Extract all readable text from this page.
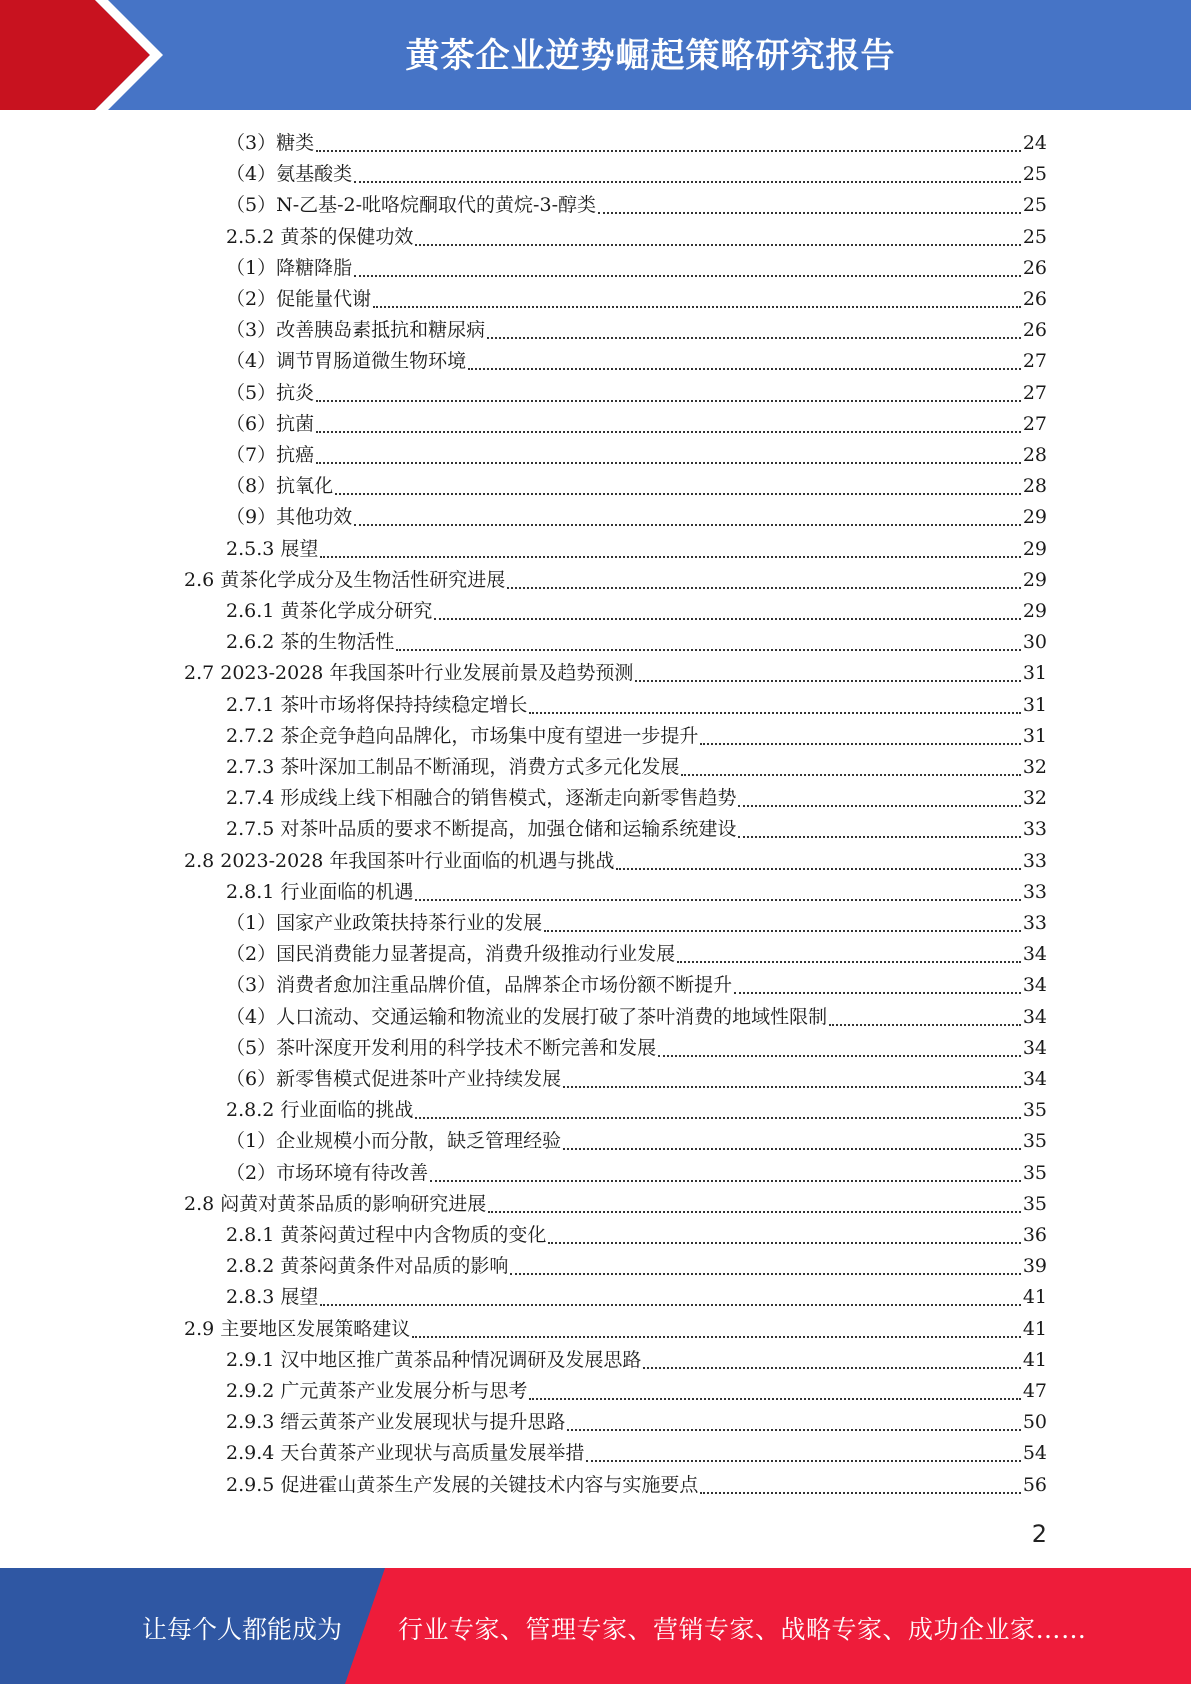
黄茶企业逆势崛起策略研究报告
（3）糖类	24
（4）氨基酸类	25
（5）N-乙基-2-吡咯烷酮取代的黄烷-3-醇类	25
2.5.2 黄茶的保健功效	25
（1）降糖降脂	26
（2）促能量代谢	26
（3）改善胰岛素抵抗和糖尿病	26
（4）调节胃肠道微生物环境	27
（5）抗炎	27
（6）抗菌	27
（7）抗癌	28
（8）抗氧化	28
（9）其他功效	29
2.5.3 展望	29
2.6 黄茶化学成分及生物活性研究进展	29
2.6.1 黄茶化学成分研究	29
2.6.2 茶的生物活性	30
2.7 2023-2028 年我国茶叶行业发展前景及趋势预测	31
2.7.1 茶叶市场将保持持续稳定增长	31
2.7.2 茶企竞争趋向品牌化，市场集中度有望进一步提升	31
2.7.3 茶叶深加工制品不断涌现，消费方式多元化发展	32
2.7.4 形成线上线下相融合的销售模式，逐渐走向新零售趋势	32
2.7.5 对茶叶品质的要求不断提高，加强仓储和运输系统建设	33
2.8 2023-2028 年我国茶叶行业面临的机遇与挑战	33
2.8.1 行业面临的机遇	33
（1）国家产业政策扶持茶行业的发展	33
（2）国民消费能力显著提高，消费升级推动行业发展	34
（3）消费者愈加注重品牌价值，品牌茶企市场份额不断提升	34
（4）人口流动、交通运输和物流业的发展打破了茶叶消费的地域性限制	34
（5）茶叶深度开发利用的科学技术不断完善和发展	34
（6）新零售模式促进茶叶产业持续发展	34
2.8.2 行业面临的挑战	35
（1）企业规模小而分散，缺乏管理经验	35
（2）市场环境有待改善	35
2.8 闷黄对黄茶品质的影响研究进展	35
2.8.1 黄茶闷黄过程中内含物质的变化	36
2.8.2 黄茶闷黄条件对品质的影响	39
2.8.3 展望	41
2.9 主要地区发展策略建议	41
2.9.1 汉中地区推广黄茶品种情况调研及发展思路	41
2.9.2 广元黄茶产业发展分析与思考	47
2.9.3 缙云黄茶产业发展现状与提升思路	50
2.9.4 天台黄茶产业现状与高质量发展举措	54
2.9.5 促进霍山黄茶生产发展的关键技术内容与实施要点	56
2
让每个人都能成为 行业专家、管理专家、营销专家、战略专家、成功企业家……
